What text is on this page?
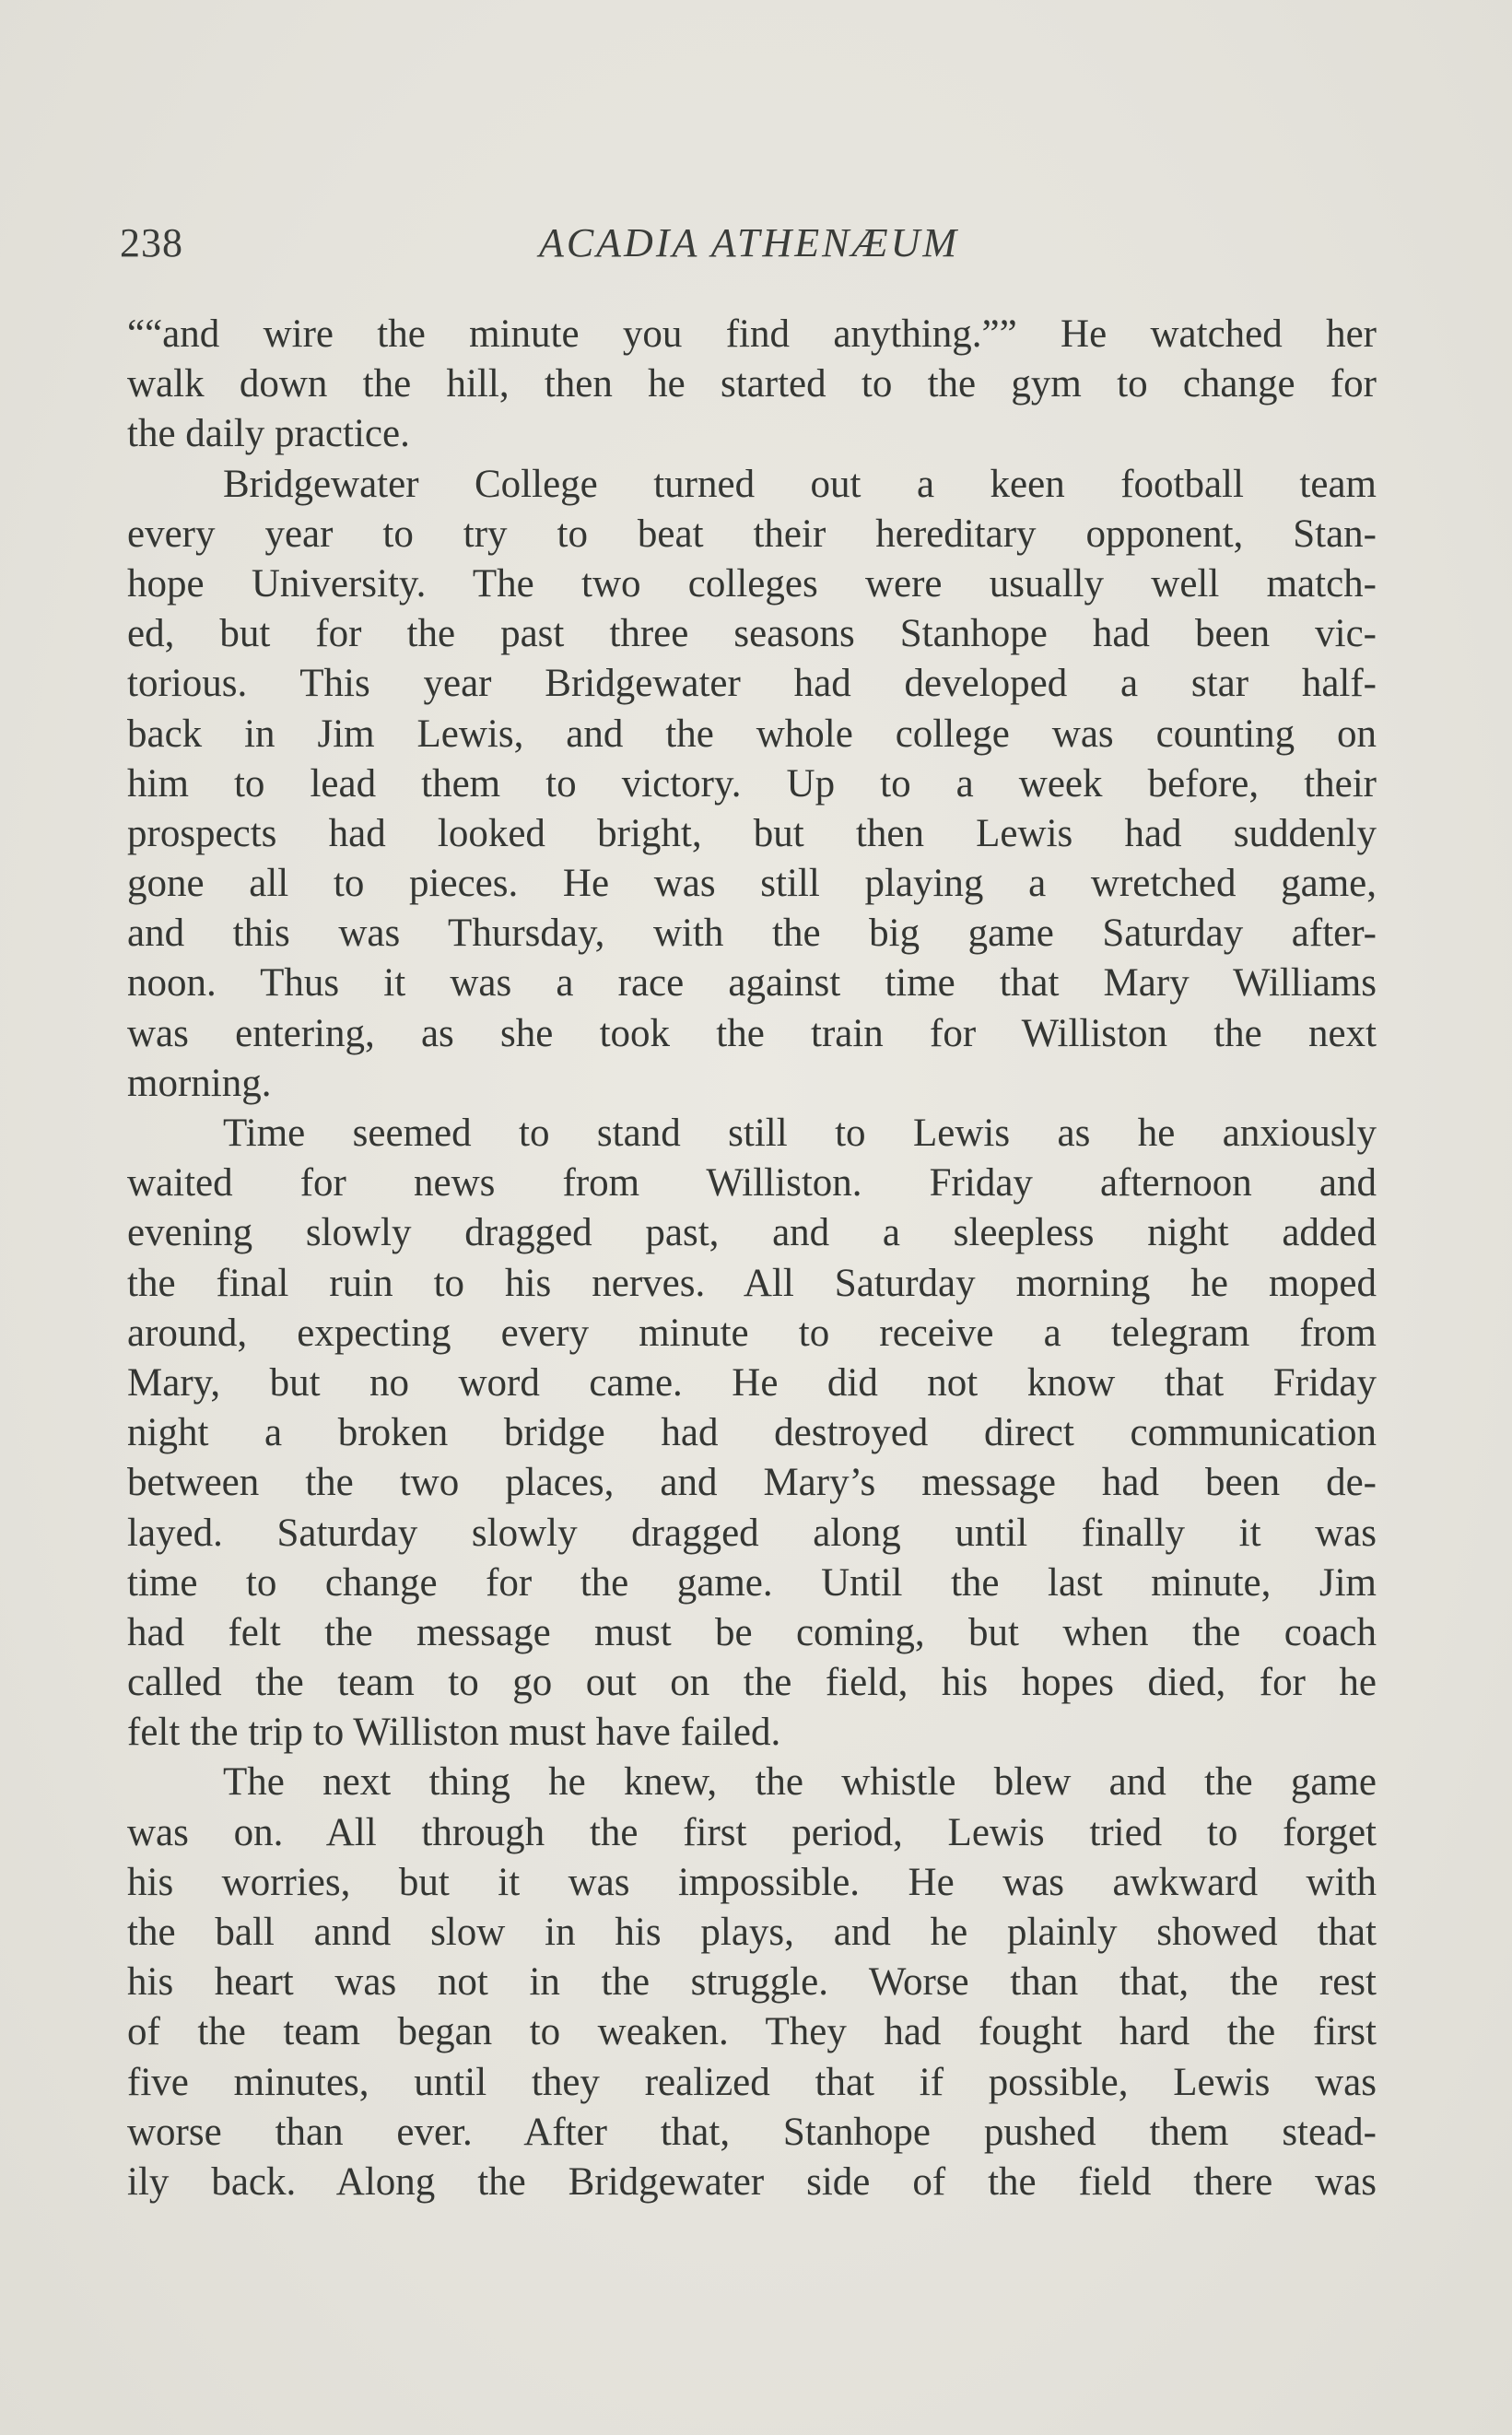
238	ACADIA ATHENÆUM
““and wire the minute you find anything.”” He watched her
walk down the hill, then he started to the gym to change for
the daily practice.
Bridgewater College turned out a keen football team
every year to try to beat their hereditary opponent, Stan-
hope University. The two colleges were usually well match-
ed, but for the past three seasons Stanhope had been vic-
torious. This year Bridgewater had developed a star half-
back in Jim Lewis, and the whole college was counting on
him to lead them to victory. Up to a week before, their
prospects had looked bright, but then Lewis had suddenly
gone all to pieces. He was still playing a wretched game,
and this was Thursday, with the big game Saturday after-
noon. Thus it was a race against time that Mary Williams
was entering, as she took the train for Williston the next
morning.
Time seemed to stand still to Lewis as he anxiously
waited for news from Williston. Friday afternoon and
evening slowly dragged past, and a sleepless night added
the final ruin to his nerves. All Saturday morning he moped
around, expecting every minute to receive a telegram from
Mary, but no word came. He did not know that Friday
night a broken bridge had destroyed direct communication
between the two places, and Mary’s message had been de-
layed. Saturday slowly dragged along until finally it was
time to change for the game. Until the last minute, Jim
had felt the message must be coming, but when the coach
called the team to go out on the field, his hopes died, for he
felt the trip to Williston must have failed.
The next thing he knew, the whistle blew and the game
was on. All through the first period, Lewis tried to forget
his worries, but it was impossible. He was awkward with
the ball annd slow in his plays, and he plainly showed that
his heart was not in the struggle. Worse than that, the rest
of the team began to weaken. They had fought hard the first
five minutes, until they realized that if possible, Lewis was
worse than ever. After that, Stanhope pushed them stead-
ily back. Along the Bridgewater side of the field there was
